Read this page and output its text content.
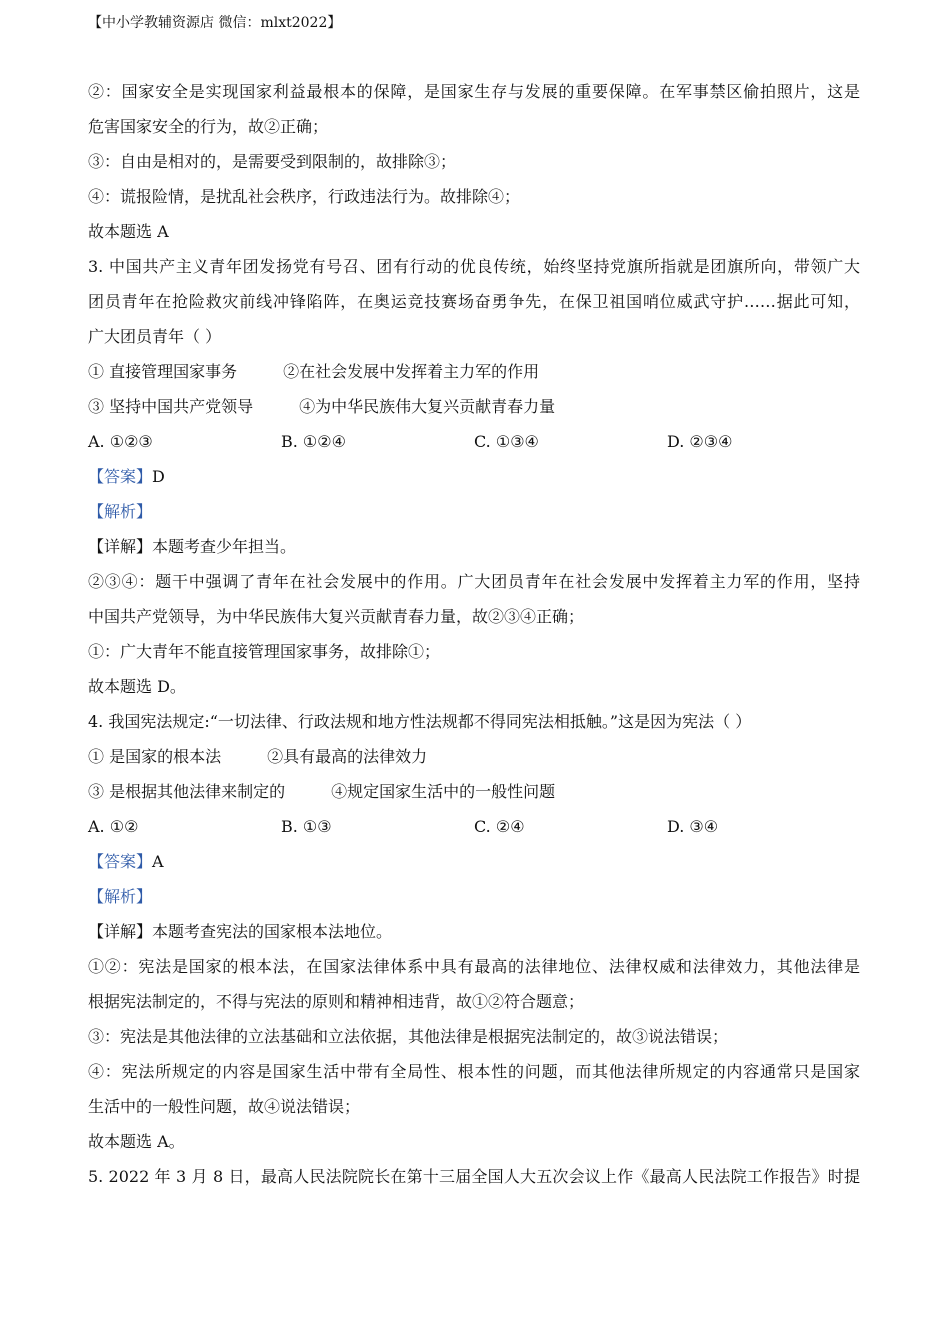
【中小学教辅资源店 微信：mlxt2022】
②：国家安全是实现国家利益最根本的保障，是国家生存与发展的重要保障。在军事禁区偷拍照片，这是
危害国家安全的行为，故②正确；
③：自由是相对的，是需要受到限制的，故排除③；
④：谎报险情，是扰乱社会秩序，行政违法行为。故排除④；
故本题选 A
3. 中国共产主义青年团发扬党有号召、团有行动的优良传统，始终坚持党旗所指就是团旗所向，带领广大
团员青年在抢险救灾前线冲锋陷阵，在奥运竞技赛场奋勇争先，在保卫祖国哨位威武守护……据此可知，
广大团员青年（ ）
① 直接管理国家事务	②在社会发展中发挥着主力军的作用
③ 坚持中国共产党领导	④为中华民族伟大复兴贡献青春力量
A. ①②③	B. ①②④	C. ①③④	D. ②③④
【答案】D
【解析】
【详解】本题考查少年担当。
②③④：题干中强调了青年在社会发展中的作用。广大团员青年在社会发展中发挥着主力军的作用，坚持
中国共产党领导，为中华民族伟大复兴贡献青春力量，故②③④正确；
①：广大青年不能直接管理国家事务，故排除①；
故本题选 D。
4. 我国宪法规定:“一切法律、行政法规和地方性法规都不得同宪法相抵触。”这是因为宪法（ ）
① 是国家的根本法	②具有最高的法律效力
③ 是根据其他法律来制定的	④规定国家生活中的一般性问题
A. ①②	B. ①③	C. ②④	D. ③④
【答案】A
【解析】
【详解】本题考查宪法的国家根本法地位。
①②：宪法是国家的根本法，在国家法律体系中具有最高的法律地位、法律权威和法律效力，其他法律是
根据宪法制定的，不得与宪法的原则和精神相违背，故①②符合题意；
③：宪法是其他法律的立法基础和立法依据，其他法律是根据宪法制定的，故③说法错误；
④：宪法所规定的内容是国家生活中带有全局性、根本性的问题，而其他法律所规定的内容通常只是国家
生活中的一般性问题，故④说法错误；
故本题选 A。
5. 2022 年 3 月 8 日，最高人民法院院长在第十三届全国人大五次会议上作《最高人民法院工作报告》时提
